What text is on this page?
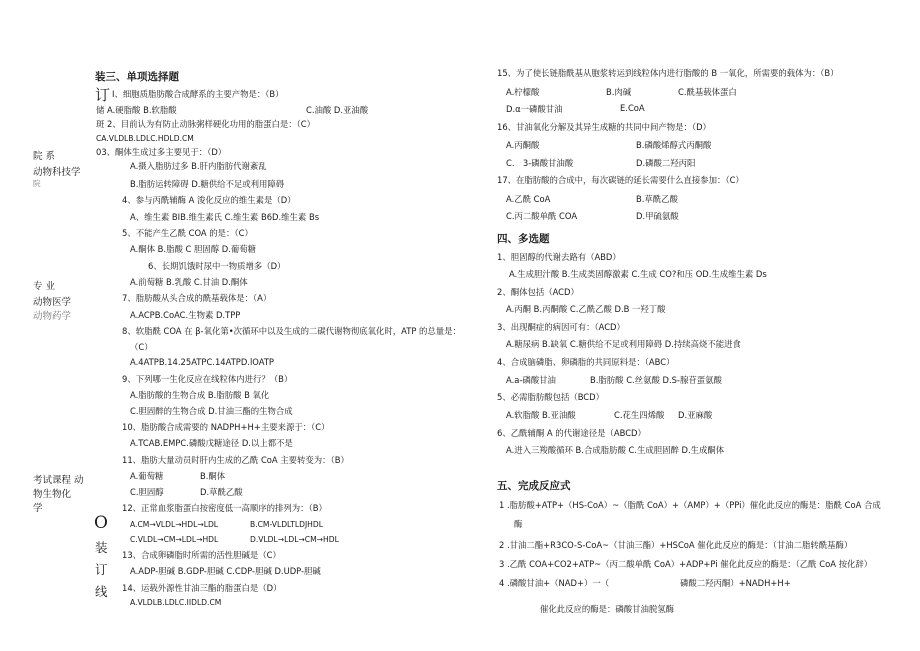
院 系
动物科技学
院
专 业
动物医学
动物药学
考试课程 动
物生物化
学
订
O
装
订
线
装三、单项选择题
I、细胞质脂肪酸合成酵系的主要产物是：（B）
储 A.硬脂酸 B.软脂酸	C.油酸 D.亚油酸
斑 2、目前认为有防止动脉粥样硬化功用的脂蛋白是：（C）
CA.VLDLB.LDLC.HDLD.CM
03、酮体生成过多主要见于：（D）
A.摄入脂肪过多 B.肝内脂肪代谢紊乱
B.脂肪运转障碍 D.糖供给不足或利用障碍
4、参与丙酰辅酶 A 浚化反应的维生素是（D）
A、维生素 BIB.维生素氏 C.维生素 B6D.维生素 Bs
5、不能产生乙酰 COA 的是：（C）
A.酮体 B.脂酸 C 胆固醇 D.葡萄糖
6、长期饥饿时尿中一物质增多（D）
A.前萄糖 B.乳酸 C.甘油 D.酮体
7、脂肪酸从头合成的酰基载体是：（A）
A.ACPB.CoAC.生物素 D.TPP
8、软脂酰 COA 在 β-氧化第•次循环中以及生成的二碳代谢物彻底氧化时，ATP 的总量是：
（C）
A.4ATPB.14.25ATPC.14ATPD.lOATP
9、下列哪一生化反应在线粒体内进行？（B）
A.脂肪酸的生物合成 B.脂肪酸 B 氧化
C.胆固醉的生物合成 D.甘油三酯的生物合成
10、脂肪酸合成需要的 NADPH+H+主要来源于：（C）
A.TCAB.EMPC.磷酸戊糖途径 D.以上都不是
11、脂肪大量动员时肝内生成的乙酰 CoA 主要转变为：（B）
A.葡萄糖	B.酮体
C.胆固醇	D.草酰乙酸
12、正常血浆脂蛋白按密度低一高顺序的排列为：（B）
A.CM→VLDL→HDL→LDL	B.CM-VLDLTLDJHDL
C.VLDL→CM→LDL→HDL	D.VLDL→LDL→CM→HDL
13、合成卵磷脂时所需的活性胆碱是（C）
A.ADP-胆碱 B.GDP-胆碱 C.CDP-胆碱 D.UDP-胆碱
14、运载外源性甘油三酯的脂蛋白是（D）
A.VLDLB.LDLC.IIDLD.CM
15、为了使长链脂酰基从胞浆转运到线粒体内进行脂酸的 B 一氧化，所需要的载体为：（B）
A.柠檬酸	B.肉碱	C.酰基载体蛋白
D.α一磷酸甘油	E.CoA
16、甘油氧化分解及其异生成糖的共同中间产物是：（D）
A.丙酮酸	B.磷酸烯醇式丙酮酸
C.　3-磷酸甘油酸	D.磷酸二羟丙阳
17、在脂肪酸的合成中，每次碳链的延长需要什么直接参加：（C）
A.乙酰 CoA	B.草酰乙酸
C.丙二酸单酰 COA	D.甲硫氨酸
四、多选题
1、胆固醇的代谢去路有（ABD）
A.生成胆汁酸 B.生成类固醇激素 C.生成 CO?和压 OD.生成维生素 Ds
2、酮体包括（ACD）
A.丙酮 B.丙酮酸 C.乙酰乙酸 D.B 一羟丁酸
3、出现酮症的病因可有：（ACD）
A.糖尿病 B.缺氧 C.糖供给不足或利用障碍 D.持续高烧不能进食
4、合成脑磷脂、卵磷脂的共同原料是：（ABC）
A.a-磷酸甘油	B.脂肪酸 C.丝氨酸 D.S-腺苷蛋氨酸
5、必需脂肪酸包括（BCD）
A.软脂酸 B.亚油酸	C.花生四烯酸 D.亚麻酸
6、乙酰辅酮 A 的代谢途径是（ABCD）
A.进入三羧酸循环 B.合成脂肪酸 C.生成胆固醉 D.生成酮体
五、完成反应式
1 .脂肪酸+ATP+（HS-CoA）~（脂酰 CoA）+（AMP）+（PPi）催化此反应的酶是：脂酰 CoA 合成
酶
2 .甘油二酯+R3CO-S-CoA~（甘油三酯）+HSCoA 催化此反应的酶是：（甘油二脂转酰基酶）
3 .乙酰 COA+CO2+ATP~（丙二酸单酰 CoA）+ADP+Pi 催化此反应的酶是：（乙酰 CoA 按化辞）
4 .磷酸甘油+（NAD+）一（	磷酸二羟丙酮）+NADH+H+
催化此反应的酶是：磷酸甘油脱氢酶
